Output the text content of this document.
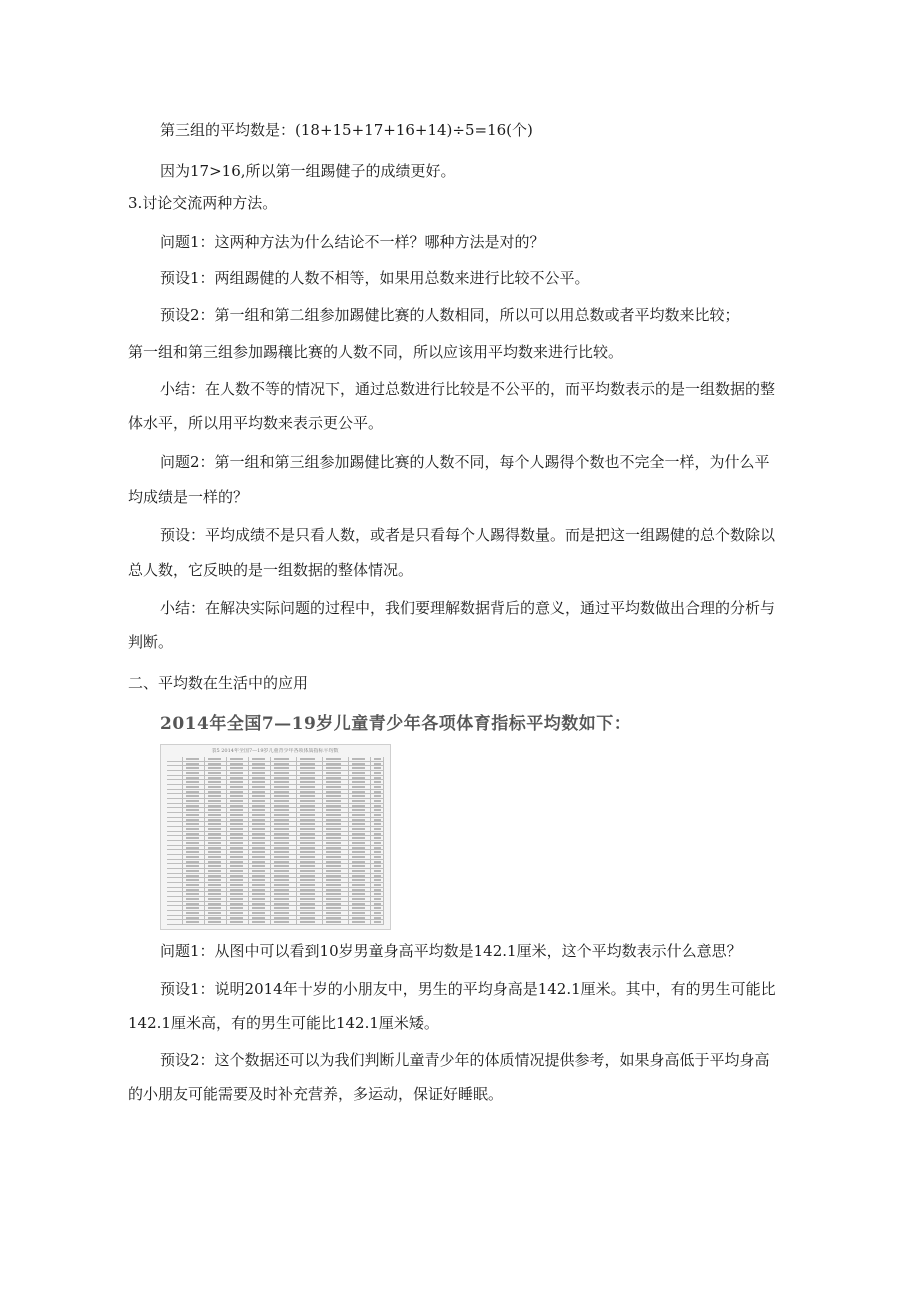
第三组的平均数是：(18+15+17+16+14)÷5=16(个)
因为17>16,所以第一组踢健子的成绩更好。
3.讨论交流两种方法。
问题1：这两种方法为什么结论不一样？哪种方法是对的？
预设1：两组踢健的人数不相等，如果用总数来进行比较不公平。
预设2：第一组和第二组参加踢健比赛的人数相同，所以可以用总数或者平均数来比较；
第一组和第三组参加踢穰比赛的人数不同，所以应该用平均数来进行比较。
小结：在人数不等的情况下，通过总数进行比较是不公平的，而平均数表示的是一组数据的整
体水平，所以用平均数来表示更公平。
问题2：第一组和第三组参加踢健比赛的人数不同，每个人踢得个数也不完全一样，为什么平
均成绩是一样的？
预设：平均成绩不是只看人数，或者是只看每个人踢得数量。而是把这一组踢健的总个数除以
总人数，它反映的是一组数据的整体情况。
小结：在解决实际问题的过程中，我们要理解数据背后的意义，通过平均数做出合理的分析与
判断。
二、平均数在生活中的应用
2014年全国7—19岁儿童青少年各项体育指标平均数如下：
表5 2014年全国7—19岁儿童青少年各项体质指标平均数
问题1：从图中可以看到10岁男童身高平均数是142.1厘米，这个平均数表示什么意思？
预设1：说明2014年十岁的小朋友中，男生的平均身高是142.1厘米。其中，有的男生可能比
142.1厘米高，有的男生可能比142.1厘米矮。
预设2：这个数据还可以为我们判断儿童青少年的体质情况提供参考，如果身高低于平均身高
的小朋友可能需要及时补充营养，多运动，保证好睡眠。
